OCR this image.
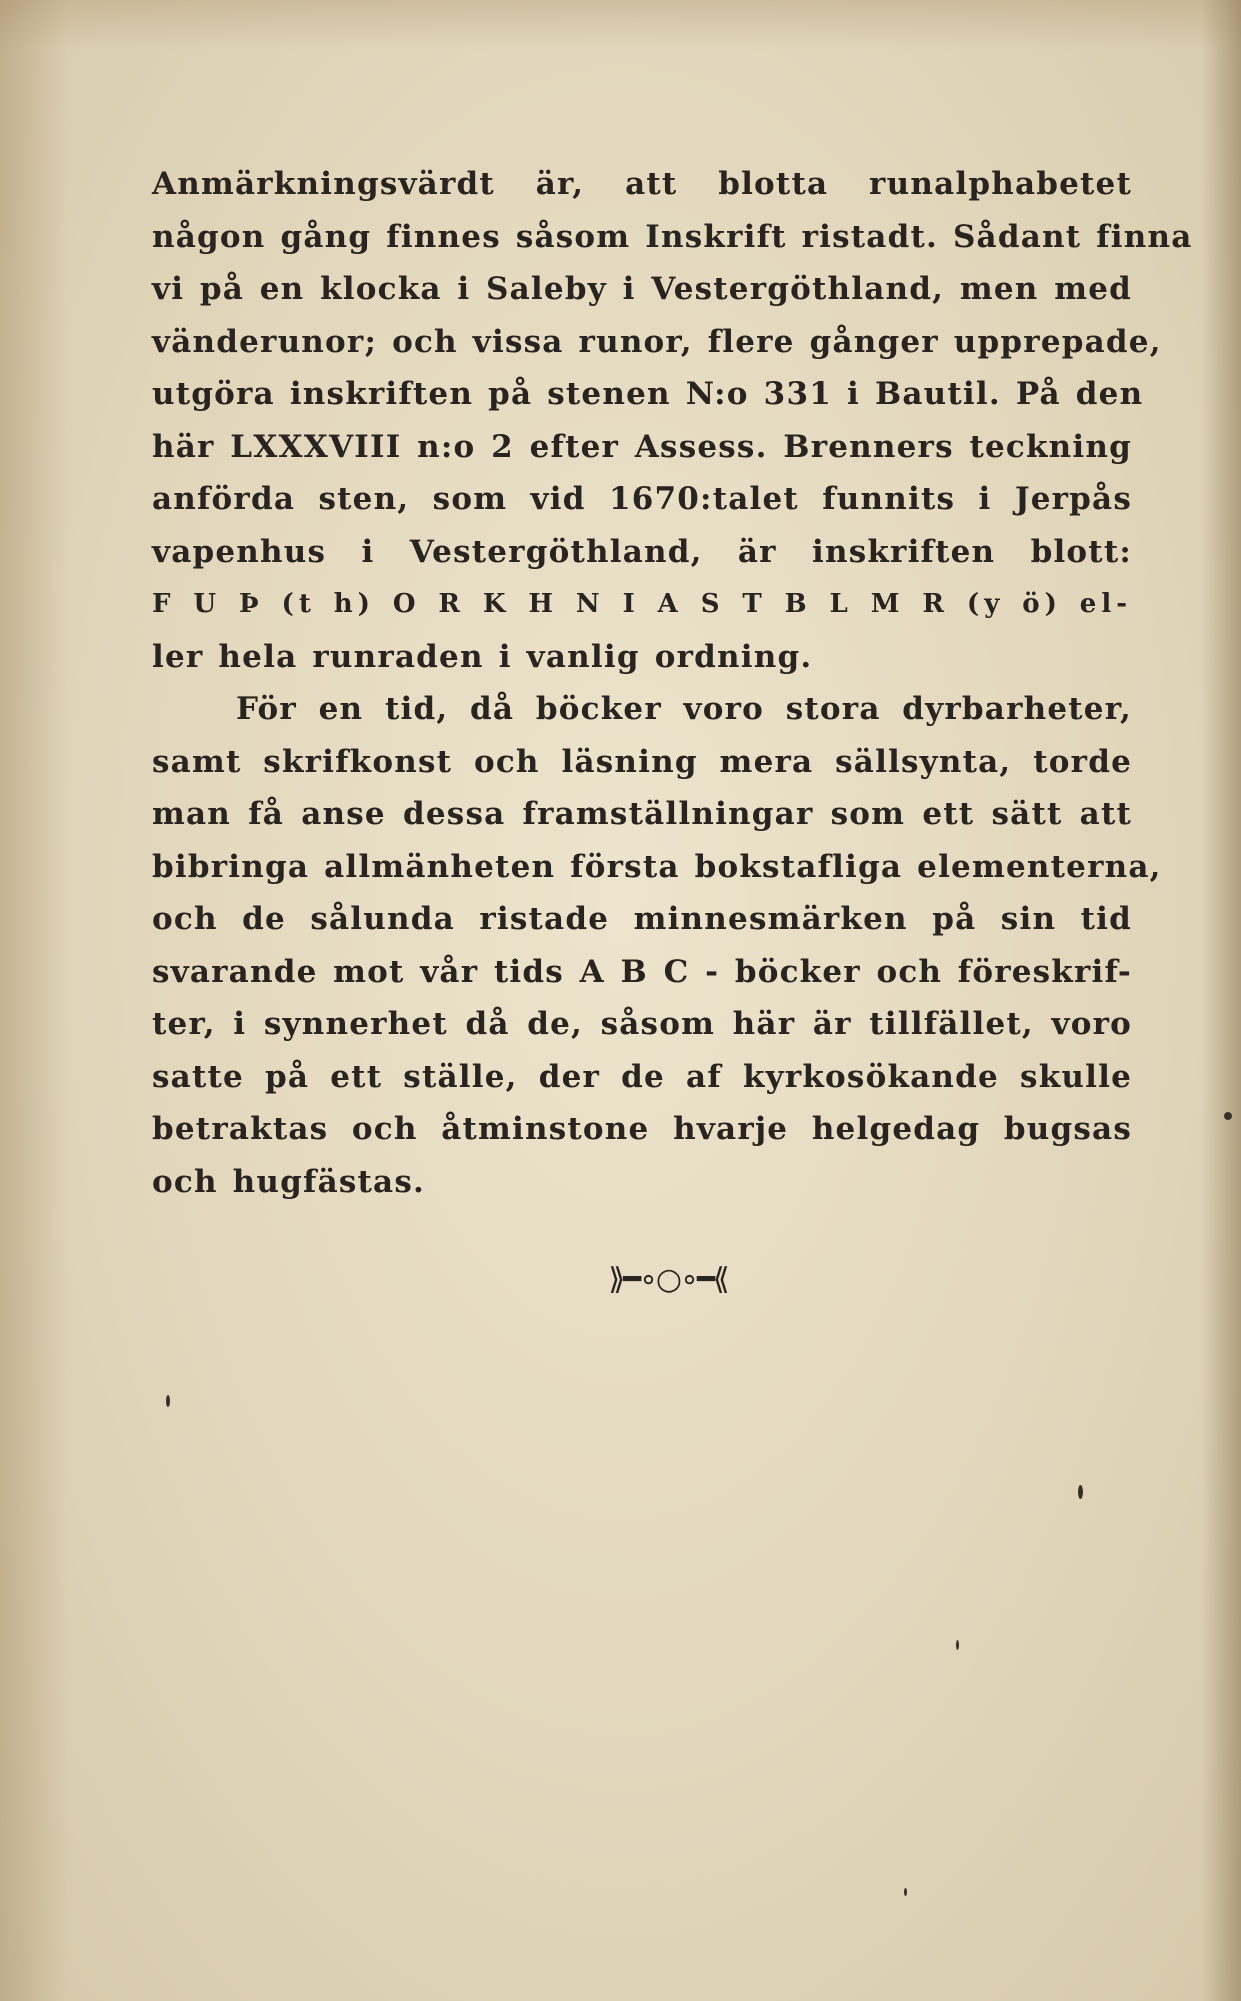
Anmärkningsvärdt är, att blotta runalphabetet
någon gång finnes såsom Inskrift ristadt. Sådant finna
vi på en klocka i Saleby i Vestergöthland, men med
vänderunor; och vissa runor, flere gånger upprepade,
utgöra inskriften på stenen N:o 331 i Bautil. På den
här LXXXVIII n:o 2 efter Assess. Brenners teckning
anförda sten, som vid 1670:talet funnits i Jerpås
vapenhus i Vestergöthland, är inskriften blott:
F U Þ (t h) O R K H N I A S T B L M R (y ö) el-
ler hela runraden i vanlig ordning.
För en tid, då böcker voro stora dyrbarheter,
samt skrifkonst och läsning mera sällsynta, torde
man få anse dessa framställningar som ett sätt att
bibringa allmänheten första bokstafliga elementerna,
och de sålunda ristade minnesmärken på sin tid
svarande mot vår tids A B C - böcker och föreskrif-
ter, i synnerhet då de, såsom här är tillfället, voro
satte på ett ställe, der de af kyrkosökande skulle
betraktas och åtminstone hvarje helgedag bugsas
och hugfästas.
⟫━∘○∘━⟪
